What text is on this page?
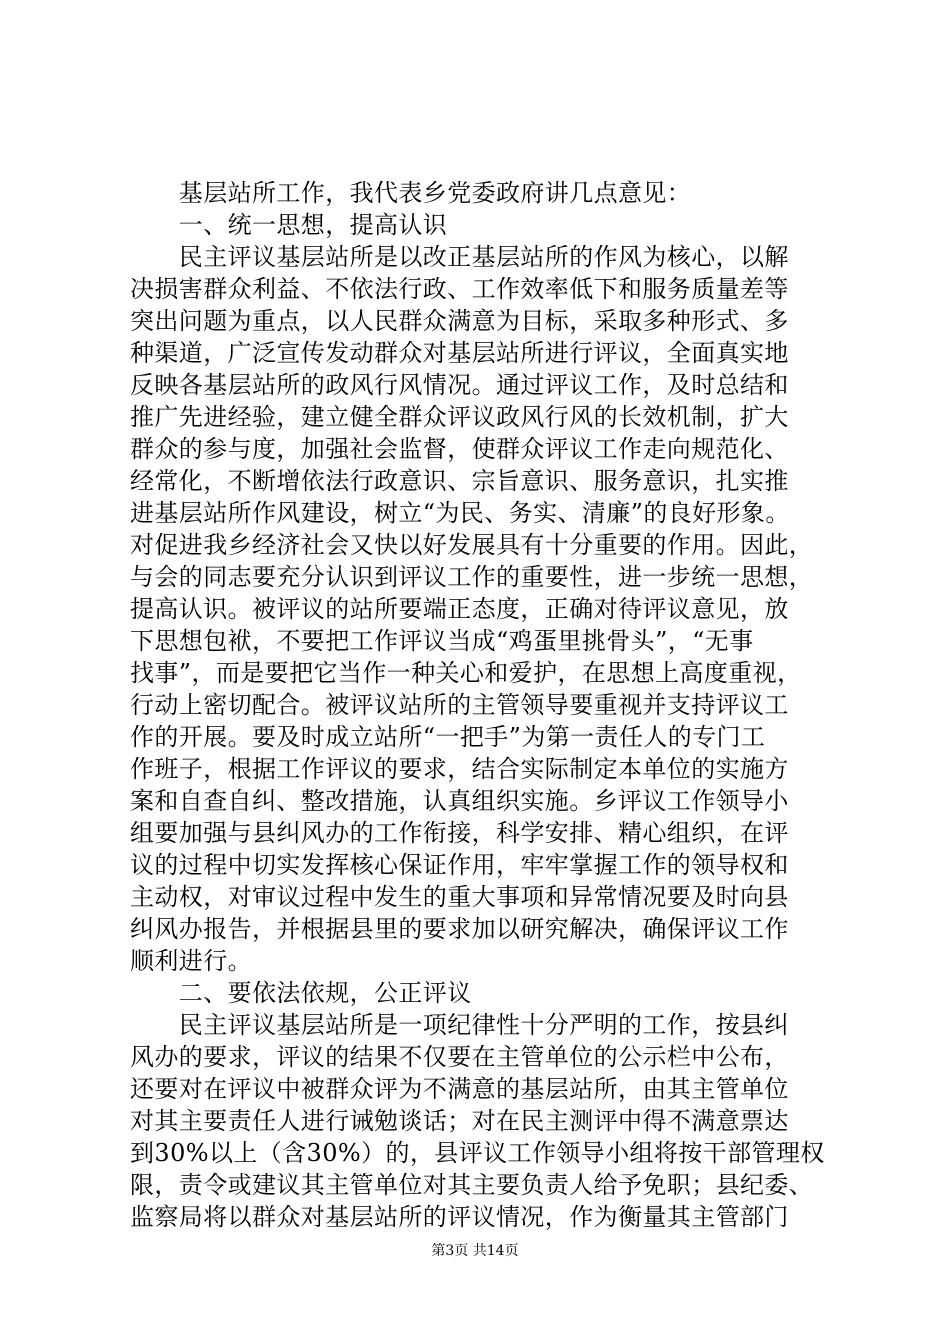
　　基层站所工作，我代表乡党委政府讲几点意见：
　　一、统一思想，提高认识
　　民主评议基层站所是以改正基层站所的作风为核心，以解
决损害群众利益、不依法行政、工作效率低下和服务质量差等
突出问题为重点，以人民群众满意为目标，采取多种形式、多
种渠道，广泛宣传发动群众对基层站所进行评议，全面真实地
反映各基层站所的政风行风情况。通过评议工作，及时总结和
推广先进经验，建立健全群众评议政风行风的长效机制，扩大
群众的参与度，加强社会监督，使群众评议工作走向规范化、
经常化，不断增依法行政意识、宗旨意识、服务意识，扎实推
进基层站所作风建设，树立“为民、务实、清廉”的良好形象。
对促进我乡经济社会又快以好发展具有十分重要的作用。因此，
与会的同志要充分认识到评议工作的重要性，进一步统一思想，
提高认识。被评议的站所要端正态度，正确对待评议意见，放
下思想包袱，不要把工作评议当成“鸡蛋里挑骨头”，“无事
找事”，而是要把它当作一种关心和爱护，在思想上高度重视，
行动上密切配合。被评议站所的主管领导要重视并支持评议工
作的开展。要及时成立站所“一把手”为第一责任人的专门工
作班子，根据工作评议的要求，结合实际制定本单位的实施方
案和自查自纠、整改措施，认真组织实施。乡评议工作领导小
组要加强与县纠风办的工作衔接，科学安排、精心组织，在评
议的过程中切实发挥核心保证作用，牢牢掌握工作的领导权和
主动权，对审议过程中发生的重大事项和异常情况要及时向县
纠风办报告，并根据县里的要求加以研究解决，确保评议工作
顺利进行。
　　二、要依法依规，公正评议
　　民主评议基层站所是一项纪律性十分严明的工作，按县纠
风办的要求，评议的结果不仅要在主管单位的公示栏中公布，
还要对在评议中被群众评为不满意的基层站所，由其主管单位
对其主要责任人进行诫勉谈话；对在民主测评中得不满意票达
到30%以上（含30%）的，县评议工作领导小组将按干部管理权
限，责令或建议其主管单位对其主要负责人给予免职；县纪委、
监察局将以群众对基层站所的评议情况，作为衡量其主管部门
第3页 共14页
